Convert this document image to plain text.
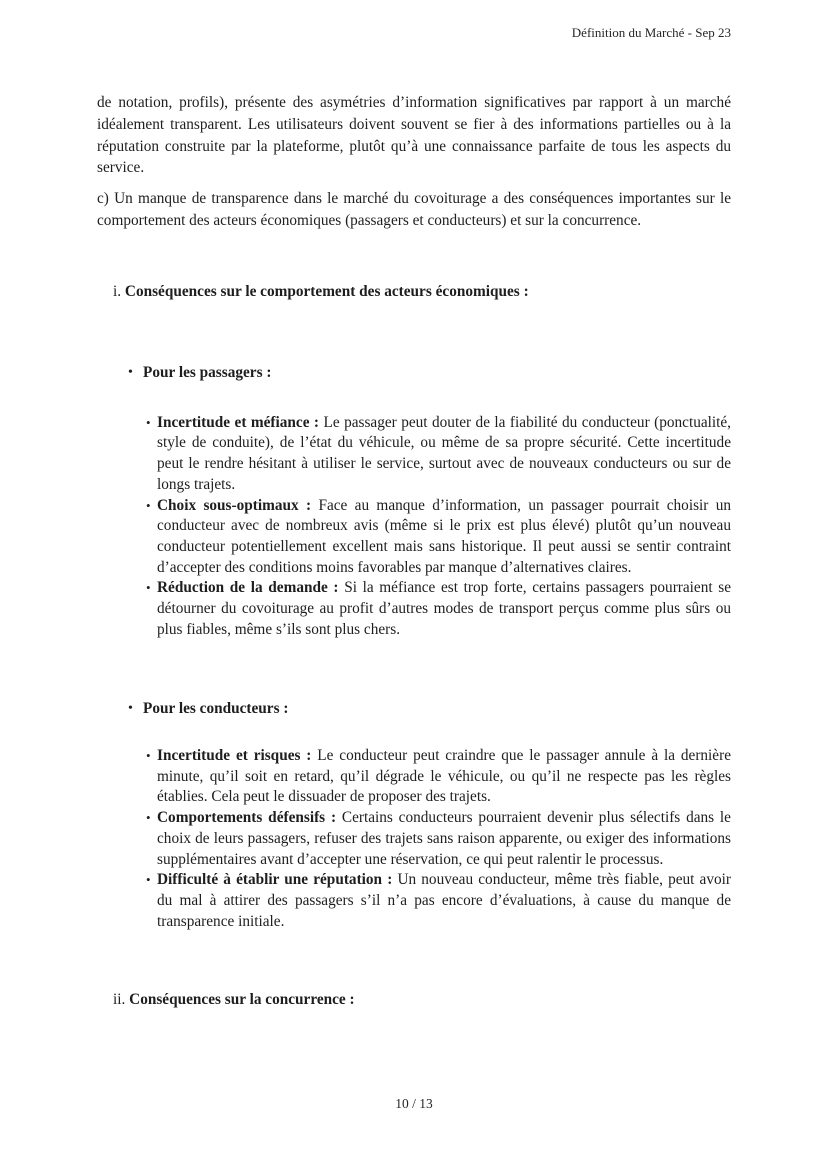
Définition du Marché - Sep 23

de notation, profils), présente des asymétries d’information significatives par rapport à un marché idéalement transparent. Les utilisateurs doivent souvent se fier à des informations partielles ou à la réputation construite par la plateforme, plutôt qu’à une connaissance parfaite de tous les aspects du service.

c) Un manque de transparence dans le marché du covoiturage a des conséquences importantes sur le comportement des acteurs économiques (passagers et conducteurs) et sur la concurrence.

i. Conséquences sur le comportement des acteurs économiques :
• Pour les passagers :
• Incertitude et méfiance : Le passager peut douter de la fiabilité du conducteur (ponctualité, style de conduite), de l’état du véhicule, ou même de sa propre sécurité. Cette incertitude peut le rendre hésitant à utiliser le service, surtout avec de nouveaux conducteurs ou sur de longs trajets.
• Choix sous-optimaux : Face au manque d’information, un passager pourrait choisir un conducteur avec de nombreux avis (même si le prix est plus élevé) plutôt qu’un nouveau conducteur potentiellement excellent mais sans historique. Il peut aussi se sentir contraint d’accepter des conditions moins favorables par manque d’alternatives claires.
• Réduction de la demande : Si la méfiance est trop forte, certains passagers pourraient se détourner du covoiturage au profit d’autres modes de transport perçus comme plus sûrs ou plus fiables, même s’ils sont plus chers.
• Pour les conducteurs :
• Incertitude et risques : Le conducteur peut craindre que le passager annule à la dernière minute, qu’il soit en retard, qu’il dégrade le véhicule, ou qu’il ne respecte pas les règles établies. Cela peut le dissuader de proposer des trajets.
• Comportements défensifs : Certains conducteurs pourraient devenir plus sélectifs dans le choix de leurs passagers, refuser des trajets sans raison apparente, ou exiger des informations supplémentaires avant d’accepter une réservation, ce qui peut ralentir le processus.
• Difficulté à établir une réputation : Un nouveau conducteur, même très fiable, peut avoir du mal à attirer des passagers s’il n’a pas encore d’évaluations, à cause du manque de transparence initiale.
ii. Conséquences sur la concurrence :
10 / 13
